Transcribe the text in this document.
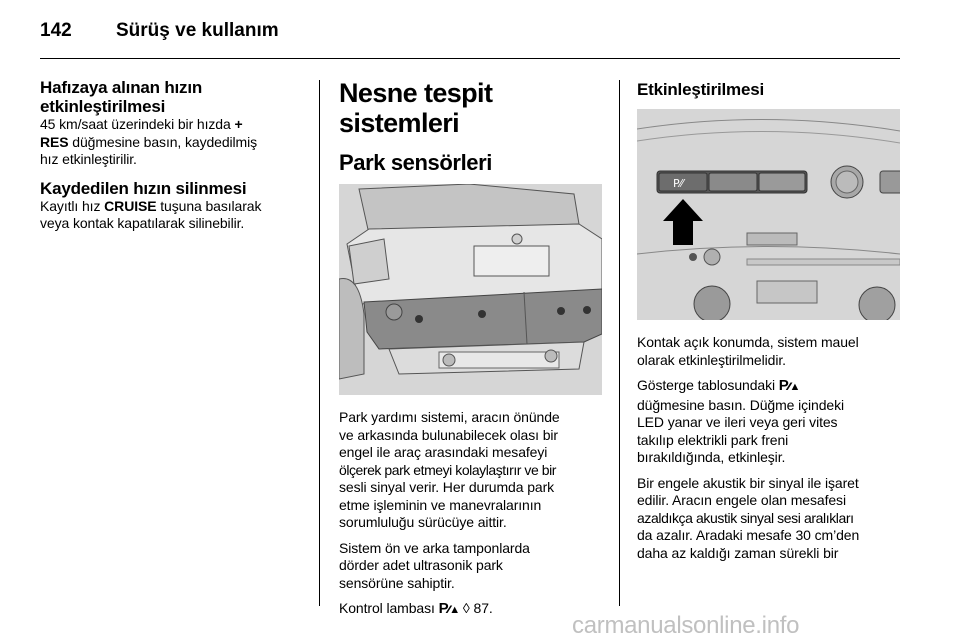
142 Sürüş ve kullanım
Hafızaya alınan hızın
etkinleştirilmesi
45 km/saat üzerindeki bir hızda +
RES düğmesine basın, kaydedilmiş
hız etkinleştirilir.
Kaydedilen hızın silinmesi
Kayıtlı hız CRUISE tuşuna basılarak
veya kontak kapatılarak silinebilir.
Nesne tespit sistemleri
Park sensörleri
Park yardımı sistemi, aracın önünde
ve arkasında bulunabilecek olası bir
engel ile araç arasındaki mesafeyi
ölçerek park etmeyi kolaylaştırır ve bir
sesli sinyal verir. Her durumda park
etme işleminin ve manevralarının
sorumluluğu sürücüye aittir.
Sistem ön ve arka tamponlarda
dörder adet ultrasonik park
sensörüne sahiptir.
Kontrol lambası P⁄⁄▲ ◊ 87.
Etkinleştirilmesi
P⁄⁄
Kontak açık konumda, sistem mauel
olarak etkinleştirilmelidir.
Gösterge tablosundaki P⁄⁄▲
düğmesine basın. Düğme içindeki
LED yanar ve ileri veya geri vites
takılıp elektrikli park freni
bırakıldığında, etkinleşir.
Bir engele akustik bir sinyal ile işaret
edilir. Aracın engele olan mesafesi
azaldıkça akustik sinyal sesi aralıkları
da azalır. Aradaki mesafe 30 cm’den
daha az kaldığı zaman sürekli bir
carmanualsonline.info
